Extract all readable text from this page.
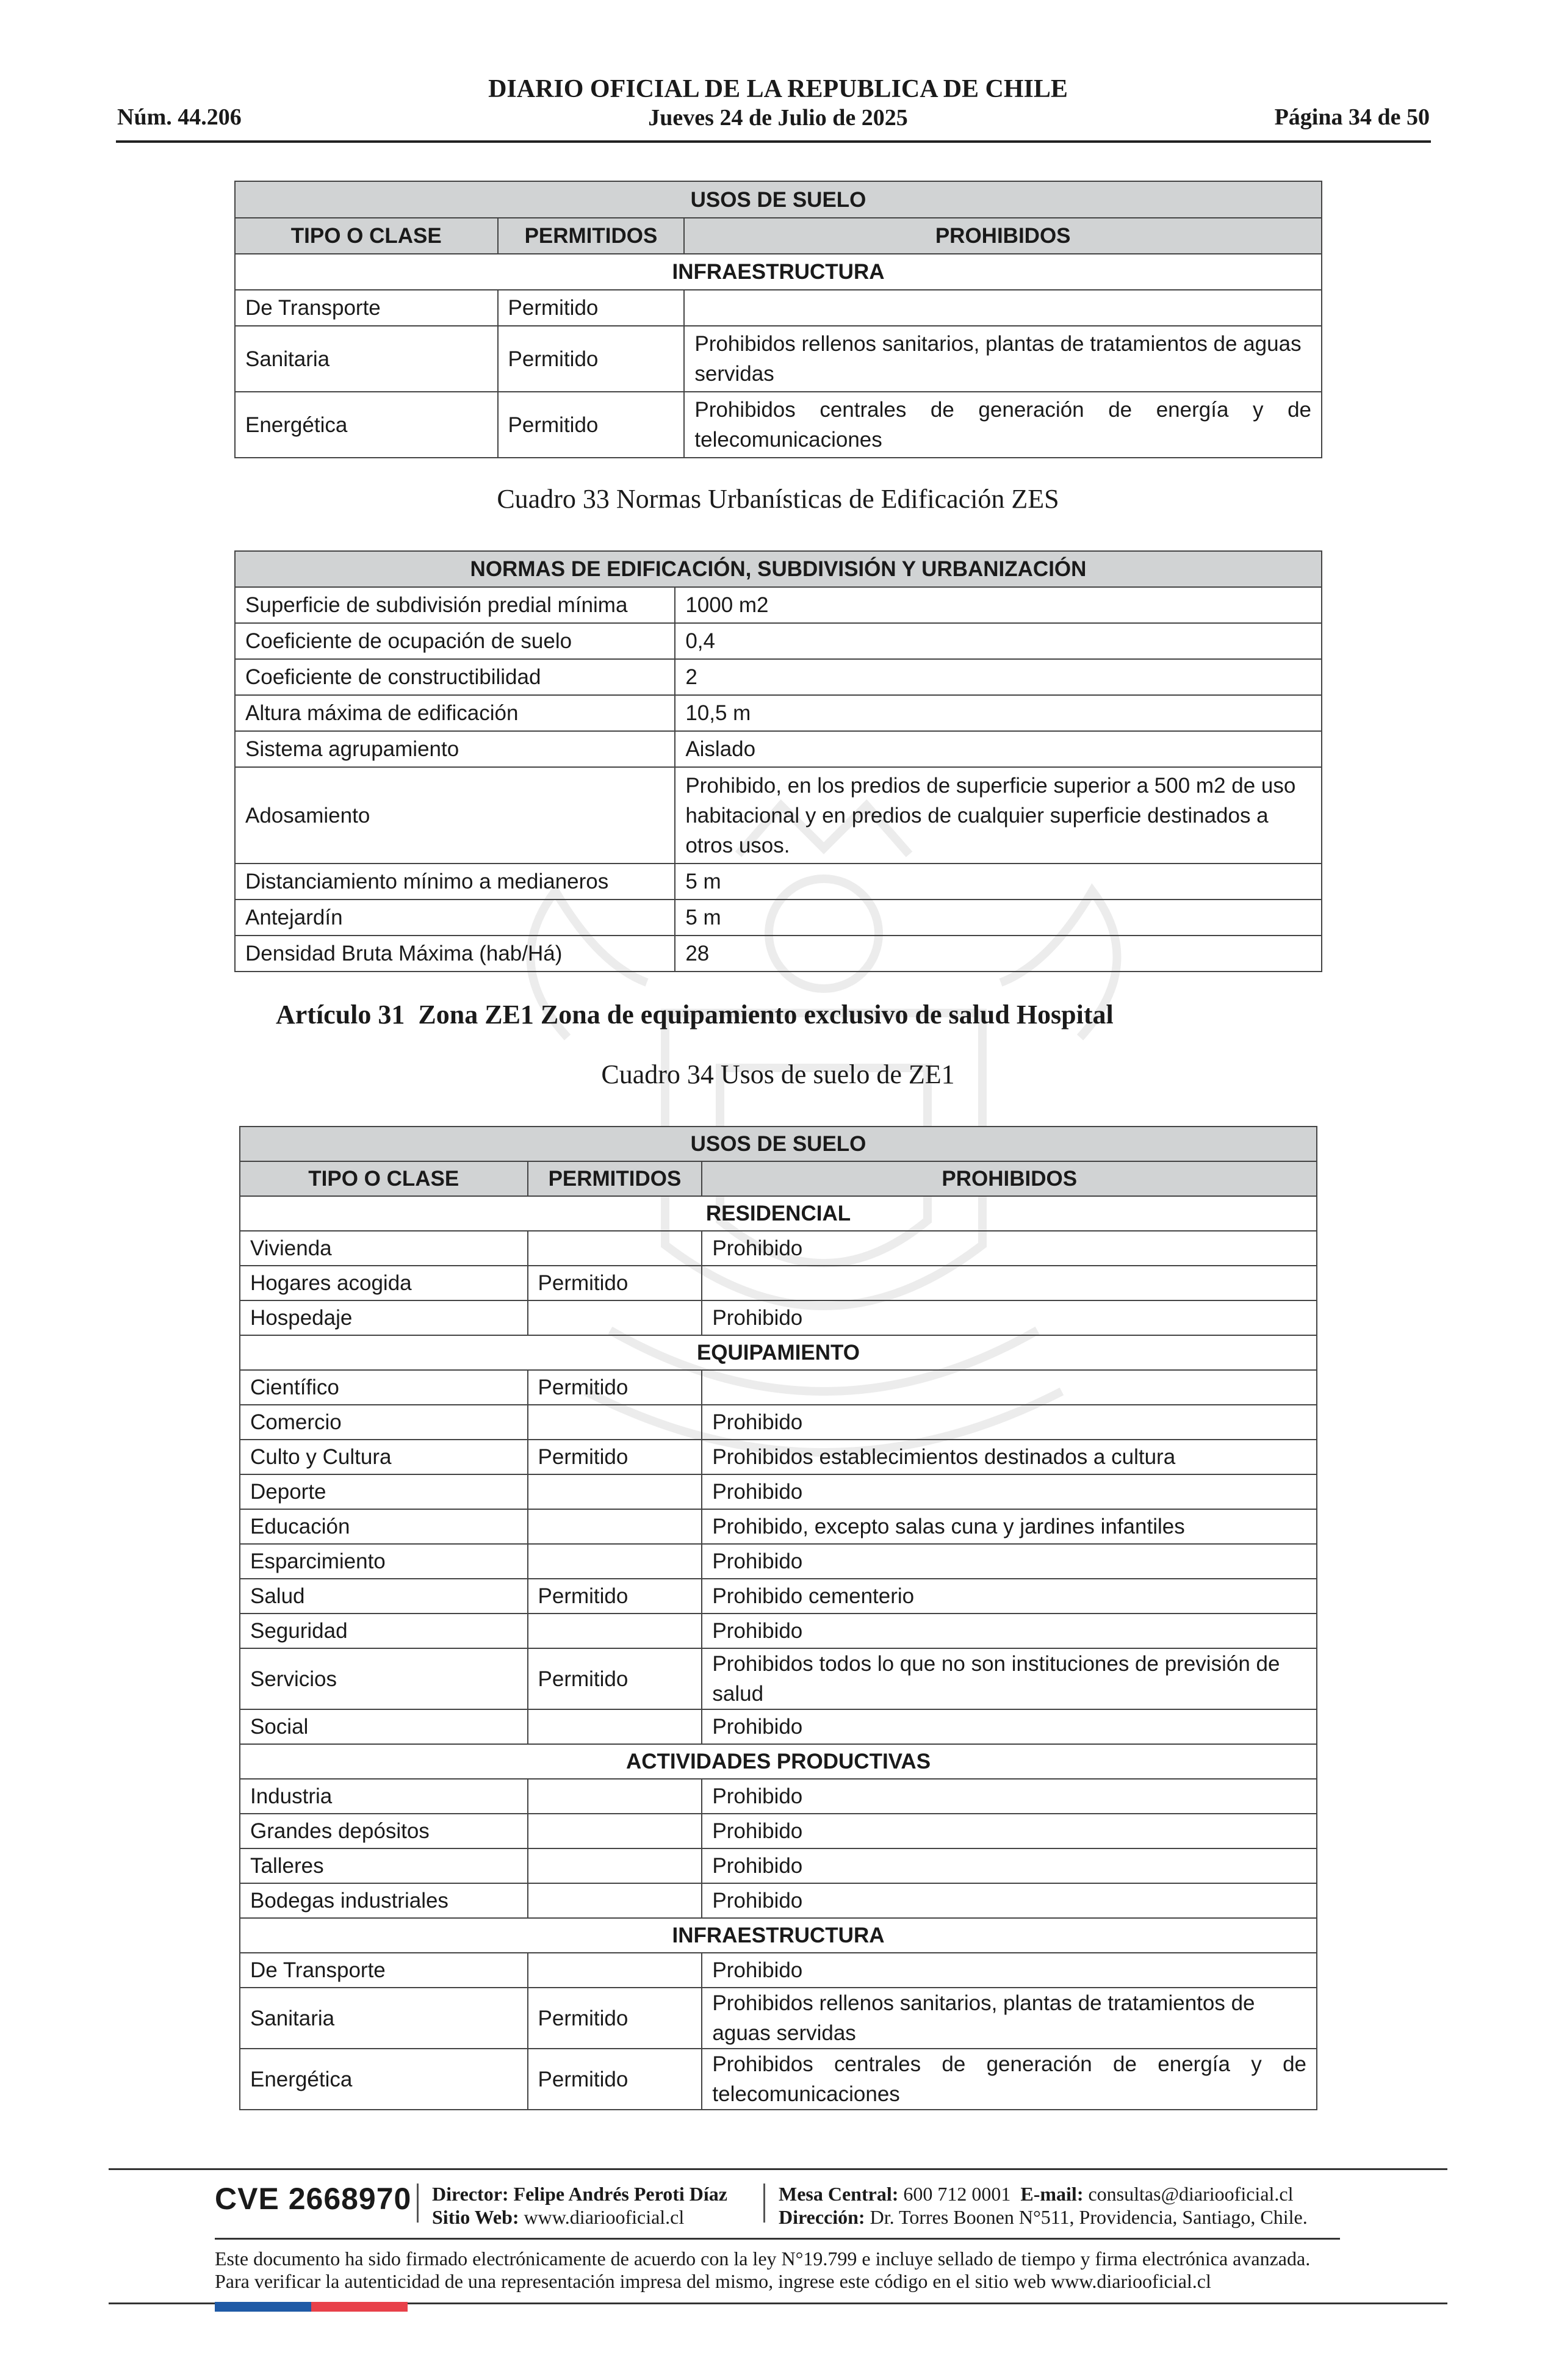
Núm. 44.206
DIARIO OFICIAL DE LA REPUBLICA DE CHILE
Jueves 24 de Julio de 2025	Página 34 de 50
USOS DE SUELO		
TIPO O CLASE	PERMITIDOS	PROHIBIDOS
INFRAESTRUCTURA		
De Transporte	Permitido	
Sanitaria	Permitido	Prohibidos rellenos sanitarios, plantas de tratamientos de aguas servidas
Energética	Permitido	Prohibidos centrales de generación de energía y de telecomunicaciones
Cuadro 33 Normas Urbanísticas de Edificación ZES
NORMAS DE EDIFICACIÓN, SUBDIVISIÓN Y URBANIZACIÓN	
Superficie de subdivisión predial mínima	1000 m2
Coeficiente de ocupación de suelo	0,4
Coeficiente de constructibilidad	2
Altura máxima de edificación	10,5 m
Sistema agrupamiento	Aislado
Adosamiento	Prohibido, en los predios de superficie superior a 500 m2 de uso habitacional y en predios de cualquier superficie destinados a otros usos.
Distanciamiento mínimo a medianeros	5 m
Antejardín	5 m
Densidad Bruta Máxima (hab/Há)	28
Artículo 31  Zona ZE1 Zona de equipamiento exclusivo de salud Hospital
Cuadro 34 Usos de suelo de ZE1
USOS DE SUELO		
TIPO O CLASE	PERMITIDOS	PROHIBIDOS
RESIDENCIAL		
Vivienda		Prohibido
Hogares acogida	Permitido	
Hospedaje		Prohibido
EQUIPAMIENTO		
Científico	Permitido	
Comercio		Prohibido
Culto y Cultura	Permitido	Prohibidos establecimientos destinados a cultura
Deporte		Prohibido
Educación		Prohibido, excepto salas cuna y jardines infantiles
Esparcimiento		Prohibido
Salud	Permitido	Prohibido cementerio
Seguridad		Prohibido
Servicios	Permitido	Prohibidos todos lo que no son instituciones de previsión de salud
Social		Prohibido
ACTIVIDADES PRODUCTIVAS		
Industria		Prohibido
Grandes depósitos		Prohibido
Talleres		Prohibido
Bodegas industriales		Prohibido
INFRAESTRUCTURA		
De Transporte		Prohibido
Sanitaria	Permitido	Prohibidos rellenos sanitarios, plantas de tratamientos de aguas servidas
Energética	Permitido	Prohibidos centrales de generación de energía y de telecomunicaciones
CVE 2668970 Director: Felipe Andrés Peroti Díaz
Sitio Web: www.diariooficial.cl
Mesa Central: 600 712 0001 E-mail: consultas@diariooficial.cl
Dirección: Dr. Torres Boonen N°511, Providencia, Santiago, Chile.
Este documento ha sido firmado electrónicamente de acuerdo con la ley N°19.799 e incluye sellado de tiempo y firma electrónica avanzada. Para verificar la autenticidad de una representación impresa del mismo, ingrese este código en el sitio web www.diariooficial.cl
